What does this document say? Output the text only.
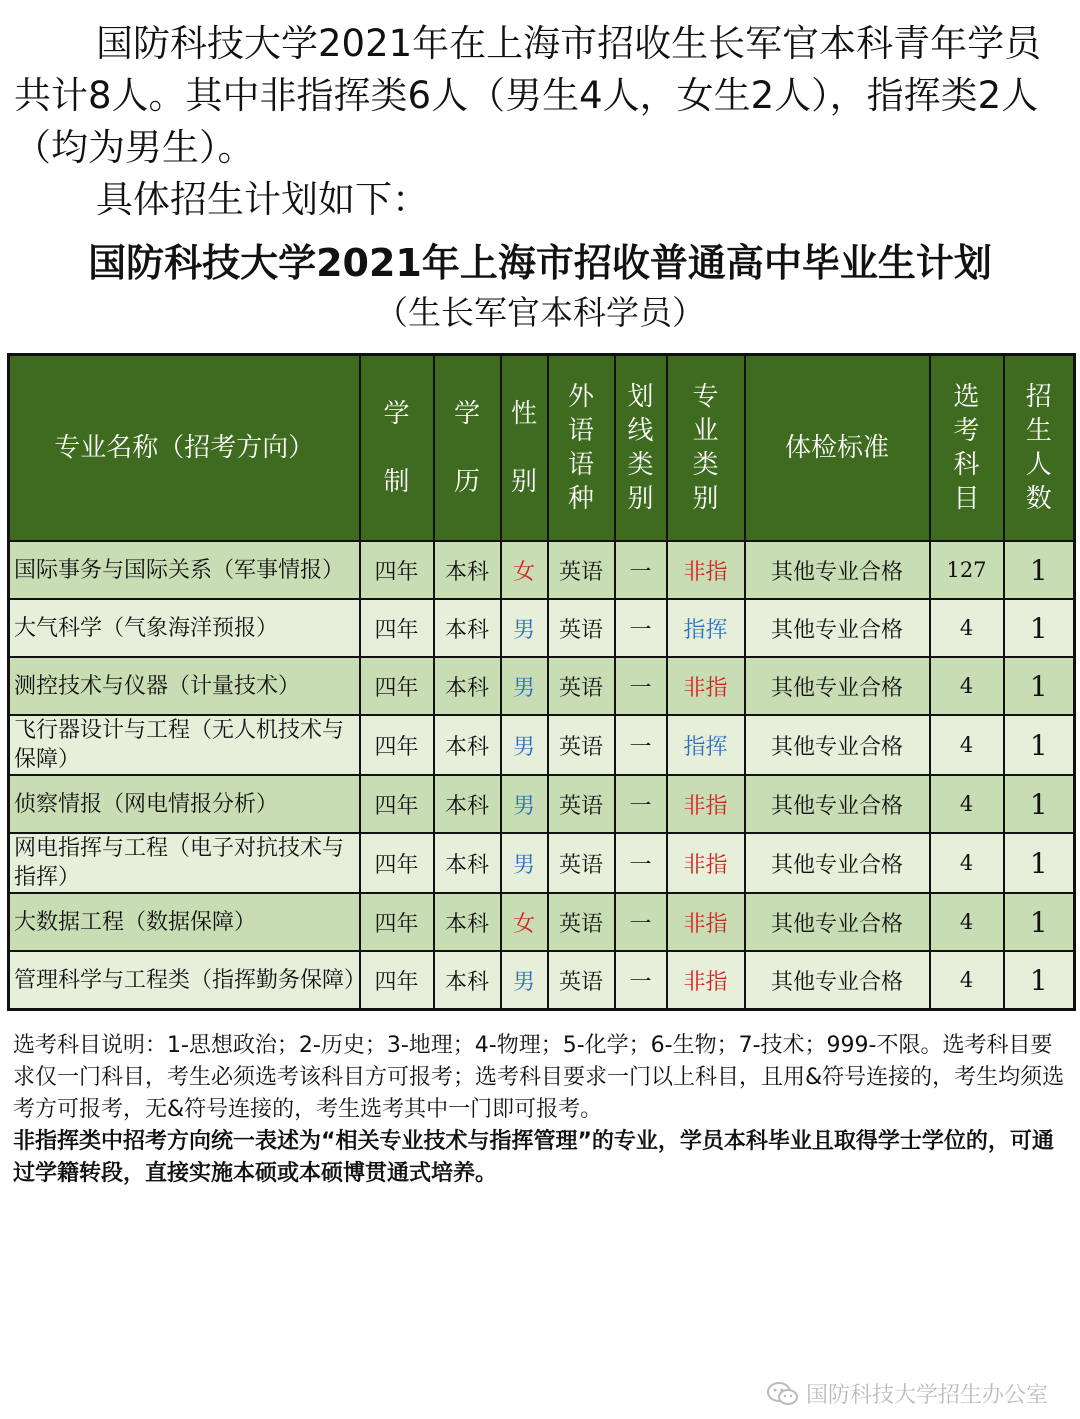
国防科技大学2021年在上海市招收生长军官本科青年学员共计8人。其中非指挥类6人（男生4人，女生2人），指挥类2人（均为男生）。

具体招生计划如下：

国防科技大学2021年上海市招收普通高中毕业生计划
（生长军官本科学员）
专业名称（招考方向）	学制	学历	性别	外语语种	划线类别	专业类别	体检标准	选考科目	招生人数
国际事务与国际关系（军事情报）	四年	本科	女	英语	一	非指	其他专业合格	127	1
大气科学（气象海洋预报）	四年	本科	男	英语	一	指挥	其他专业合格	4	1
测控技术与仪器（计量技术）	四年	本科	男	英语	一	非指	其他专业合格	4	1
飞行器设计与工程（无人机技术与保障）	四年	本科	男	英语	一	指挥	其他专业合格	4	1
侦察情报（网电情报分析）	四年	本科	男	英语	一	非指	其他专业合格	4	1
网电指挥与工程（电子对抗技术与指挥）	四年	本科	男	英语	一	非指	其他专业合格	4	1
大数据工程（数据保障）	四年	本科	女	英语	一	非指	其他专业合格	4	1
管理科学与工程类（指挥勤务保障）	四年	本科	男	英语	一	非指	其他专业合格	4	1

选考科目说明：1-思想政治；2-历史；3-地理；4-物理；5-化学；6-生物；7-技术；999-不限。选考科目要求仅一门科目，考生必须选考该科目方可报考；选考科目要求一门以上科目，且用&符号连接的，考生均须选考方可报考，无&符号连接的，考生选考其中一门即可报考。

非指挥类中招考方向统一表述为“相关专业技术与指挥管理”的专业，学员本科毕业且取得学士学位的，可通过学籍转段，直接实施本硕或本硕博贯通式培养。

国防科技大学招生办公室
